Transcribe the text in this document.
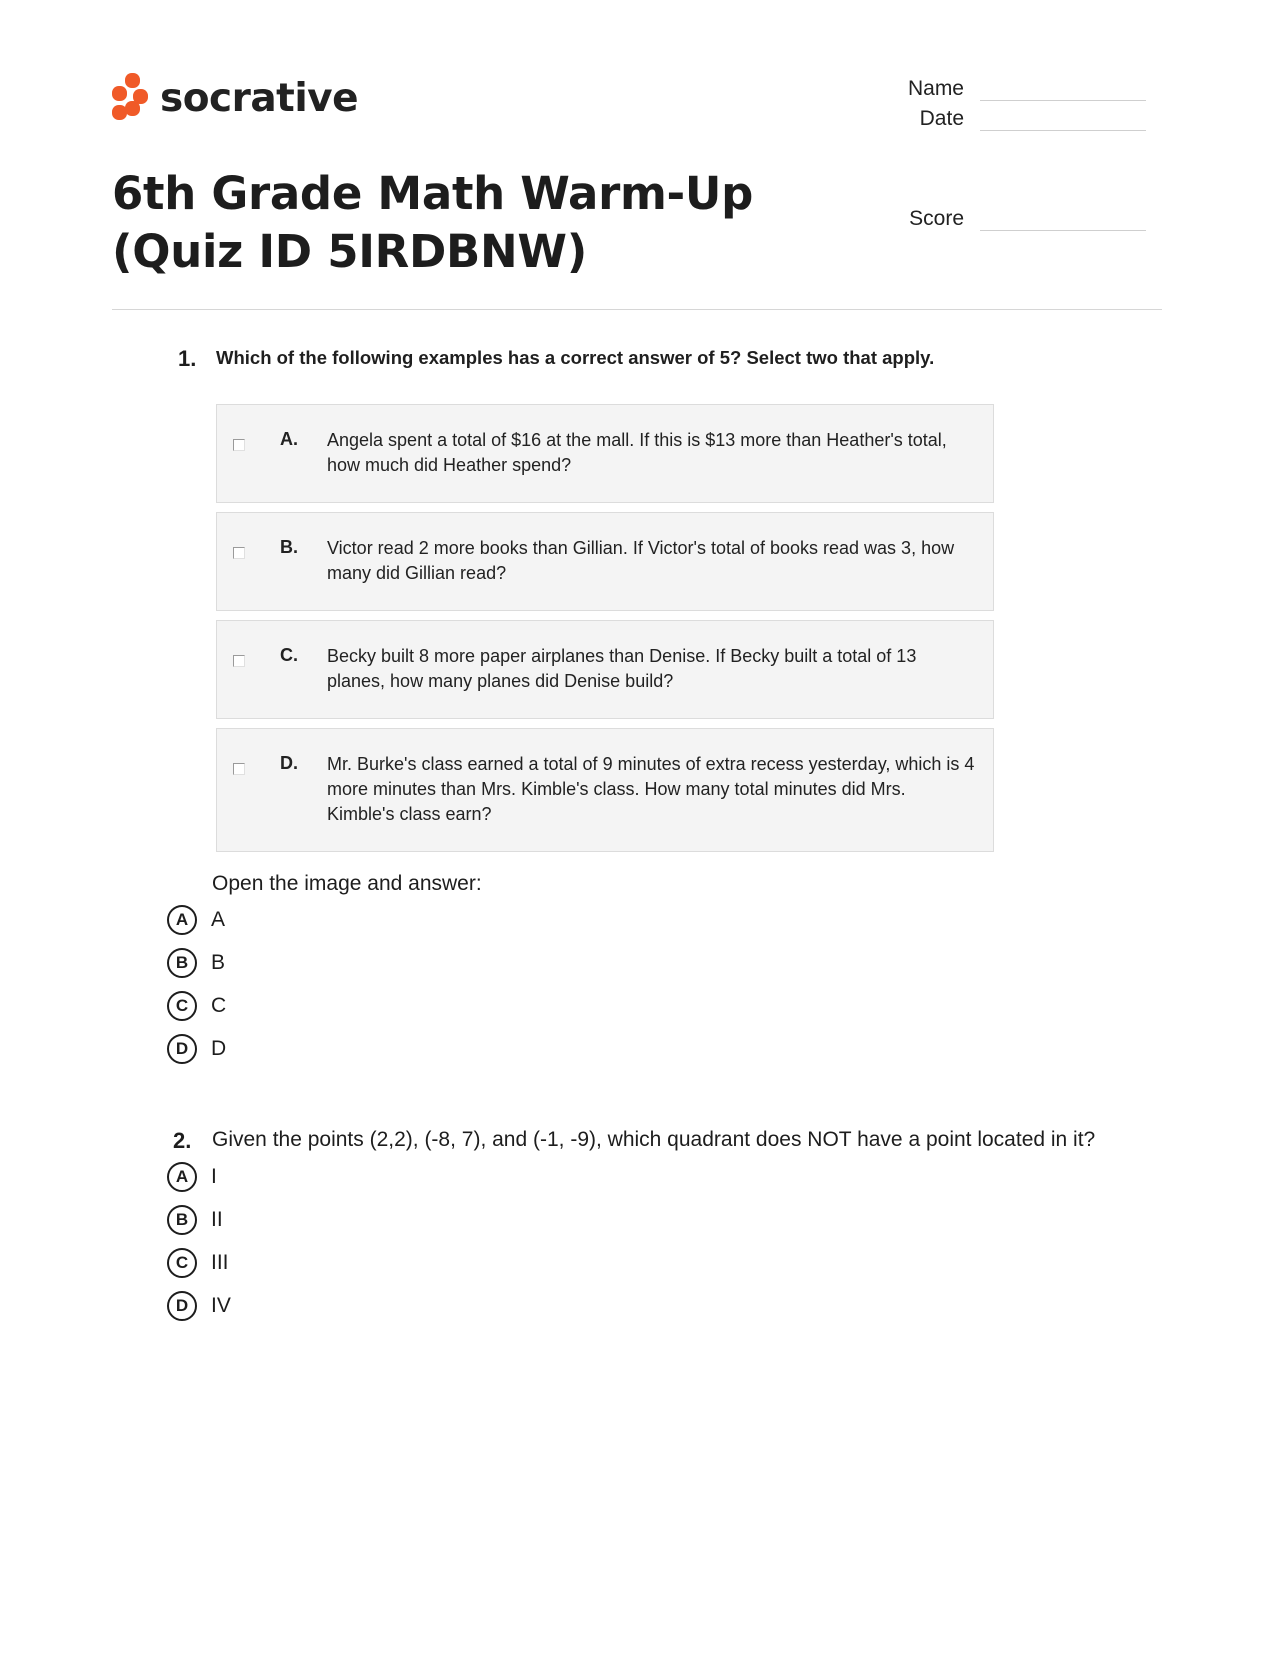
socrative	Name
Date
Score
6th Grade Math Warm-Up (Quiz ID 5IRDBNW)
1. Which of the following examples has a correct answer of 5? Select two that apply.
A. Angela spent a total of $16 at the mall. If this is $13 more than Heather's total, how much did Heather spend?
B. Victor read 2 more books than Gillian. If Victor's total of books read was 3, how many did Gillian read?
C. Becky built 8 more paper airplanes than Denise. If Becky built a total of 13 planes, how many planes did Denise build?
D. Mr. Burke's class earned a total of 9 minutes of extra recess yesterday, which is 4 more minutes than Mrs. Kimble's class. How many total minutes did Mrs. Kimble's class earn?
Open the image and answer:
A	A
B	B
C	C
D	D
2. Given the points (2,2), (-8, 7), and (-1, -9), which quadrant does NOT have a point located in it?
A	I
B	II
C	III
D	IV
